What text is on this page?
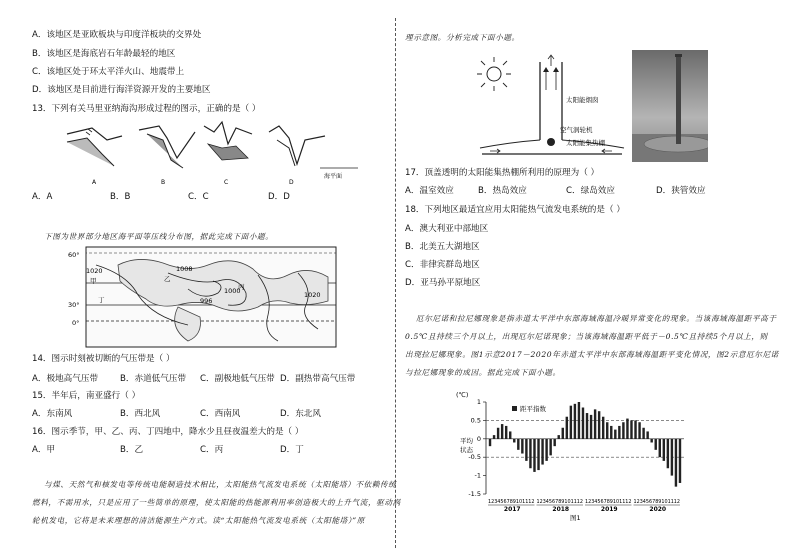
A．该地区是亚欧板块与印度洋板块的交界处
B．该地区是海底岩石年龄最轻的地区
C．该地区处于环太平洋火山、地震带上
D．该地区是目前进行海洋资源开发的主要地区
13．下列有关马里亚纳海沟形成过程的图示，正确的是（ ）
A	B	C	D
海平面
A．A	B．B	C．C	D．D
下图为世界部分地区海平面等压线分布图，据此完成下面小题。
60°
30°
0°
1020	1008
996
1000	1020
甲	乙
丙
丁
14．图示时刻被切断的气压带是（ ）
A．极地高气压带	B．赤道低气压带 C．副极地低气压带 D．副热带高气压带
15．半年后，南亚盛行（ ）
A．东南风	B．西北风	C．西南风	D．东北风
16．图示季节，甲、乙、丙、丁四地中，降水少且昼夜温差大的是（ ）
A．甲	B．乙	C．丙	D．丁
与煤、天然气和核发电等传统电能制造技术相比，太阳能热气流发电系统（太阳能塔）不依赖传统
燃料，不需用水，只是应用了一些简单的原理，使太阳能的热能源利用率创造极大的上升气流，驱动涡
轮机发电，它将是未来理想的清洁能源生产方式。读“太阳能热气流发电系统（太阳能塔）”原
理示意图。分析完成下面小题。
太阳能烟囱
空气涡轮机
太阳能集热棚
17．顶盖透明的太阳能集热棚所利用的原理为（ ）
A．温室效应	B．热岛效应	C．绿岛效应	D．狭管效应
18．下列地区最适宜应用太阳能热气流发电系统的是（ ）
A．澳大利亚中部地区
B．北美五大湖地区
C．非律宾群岛地区
D．亚马孙平原地区
厄尔尼诺和拉尼娜现象是指赤道太平洋中东部海域海温冷暖异常变化的现象。当该海域海温距平高于
0.5℃且持续三个月以上，出现厄尔尼诺现象；当该海域海温距平低于－0.5℃且持续5个月以上，则
出现拉尼娜现象。图1示意2017－2020年赤道太平洋中东部海域海温距平变化情况，图2示意厄尔尼诺
与拉尼娜现象的成因。据此完成下面小题。
(℃)
1
0.5
0
-0.5
-1
-1.5
距平指数
平均
状态
123456789101112 123456789101112 123456789101112 123456789101112
2017	2018	2019	2020
图1
